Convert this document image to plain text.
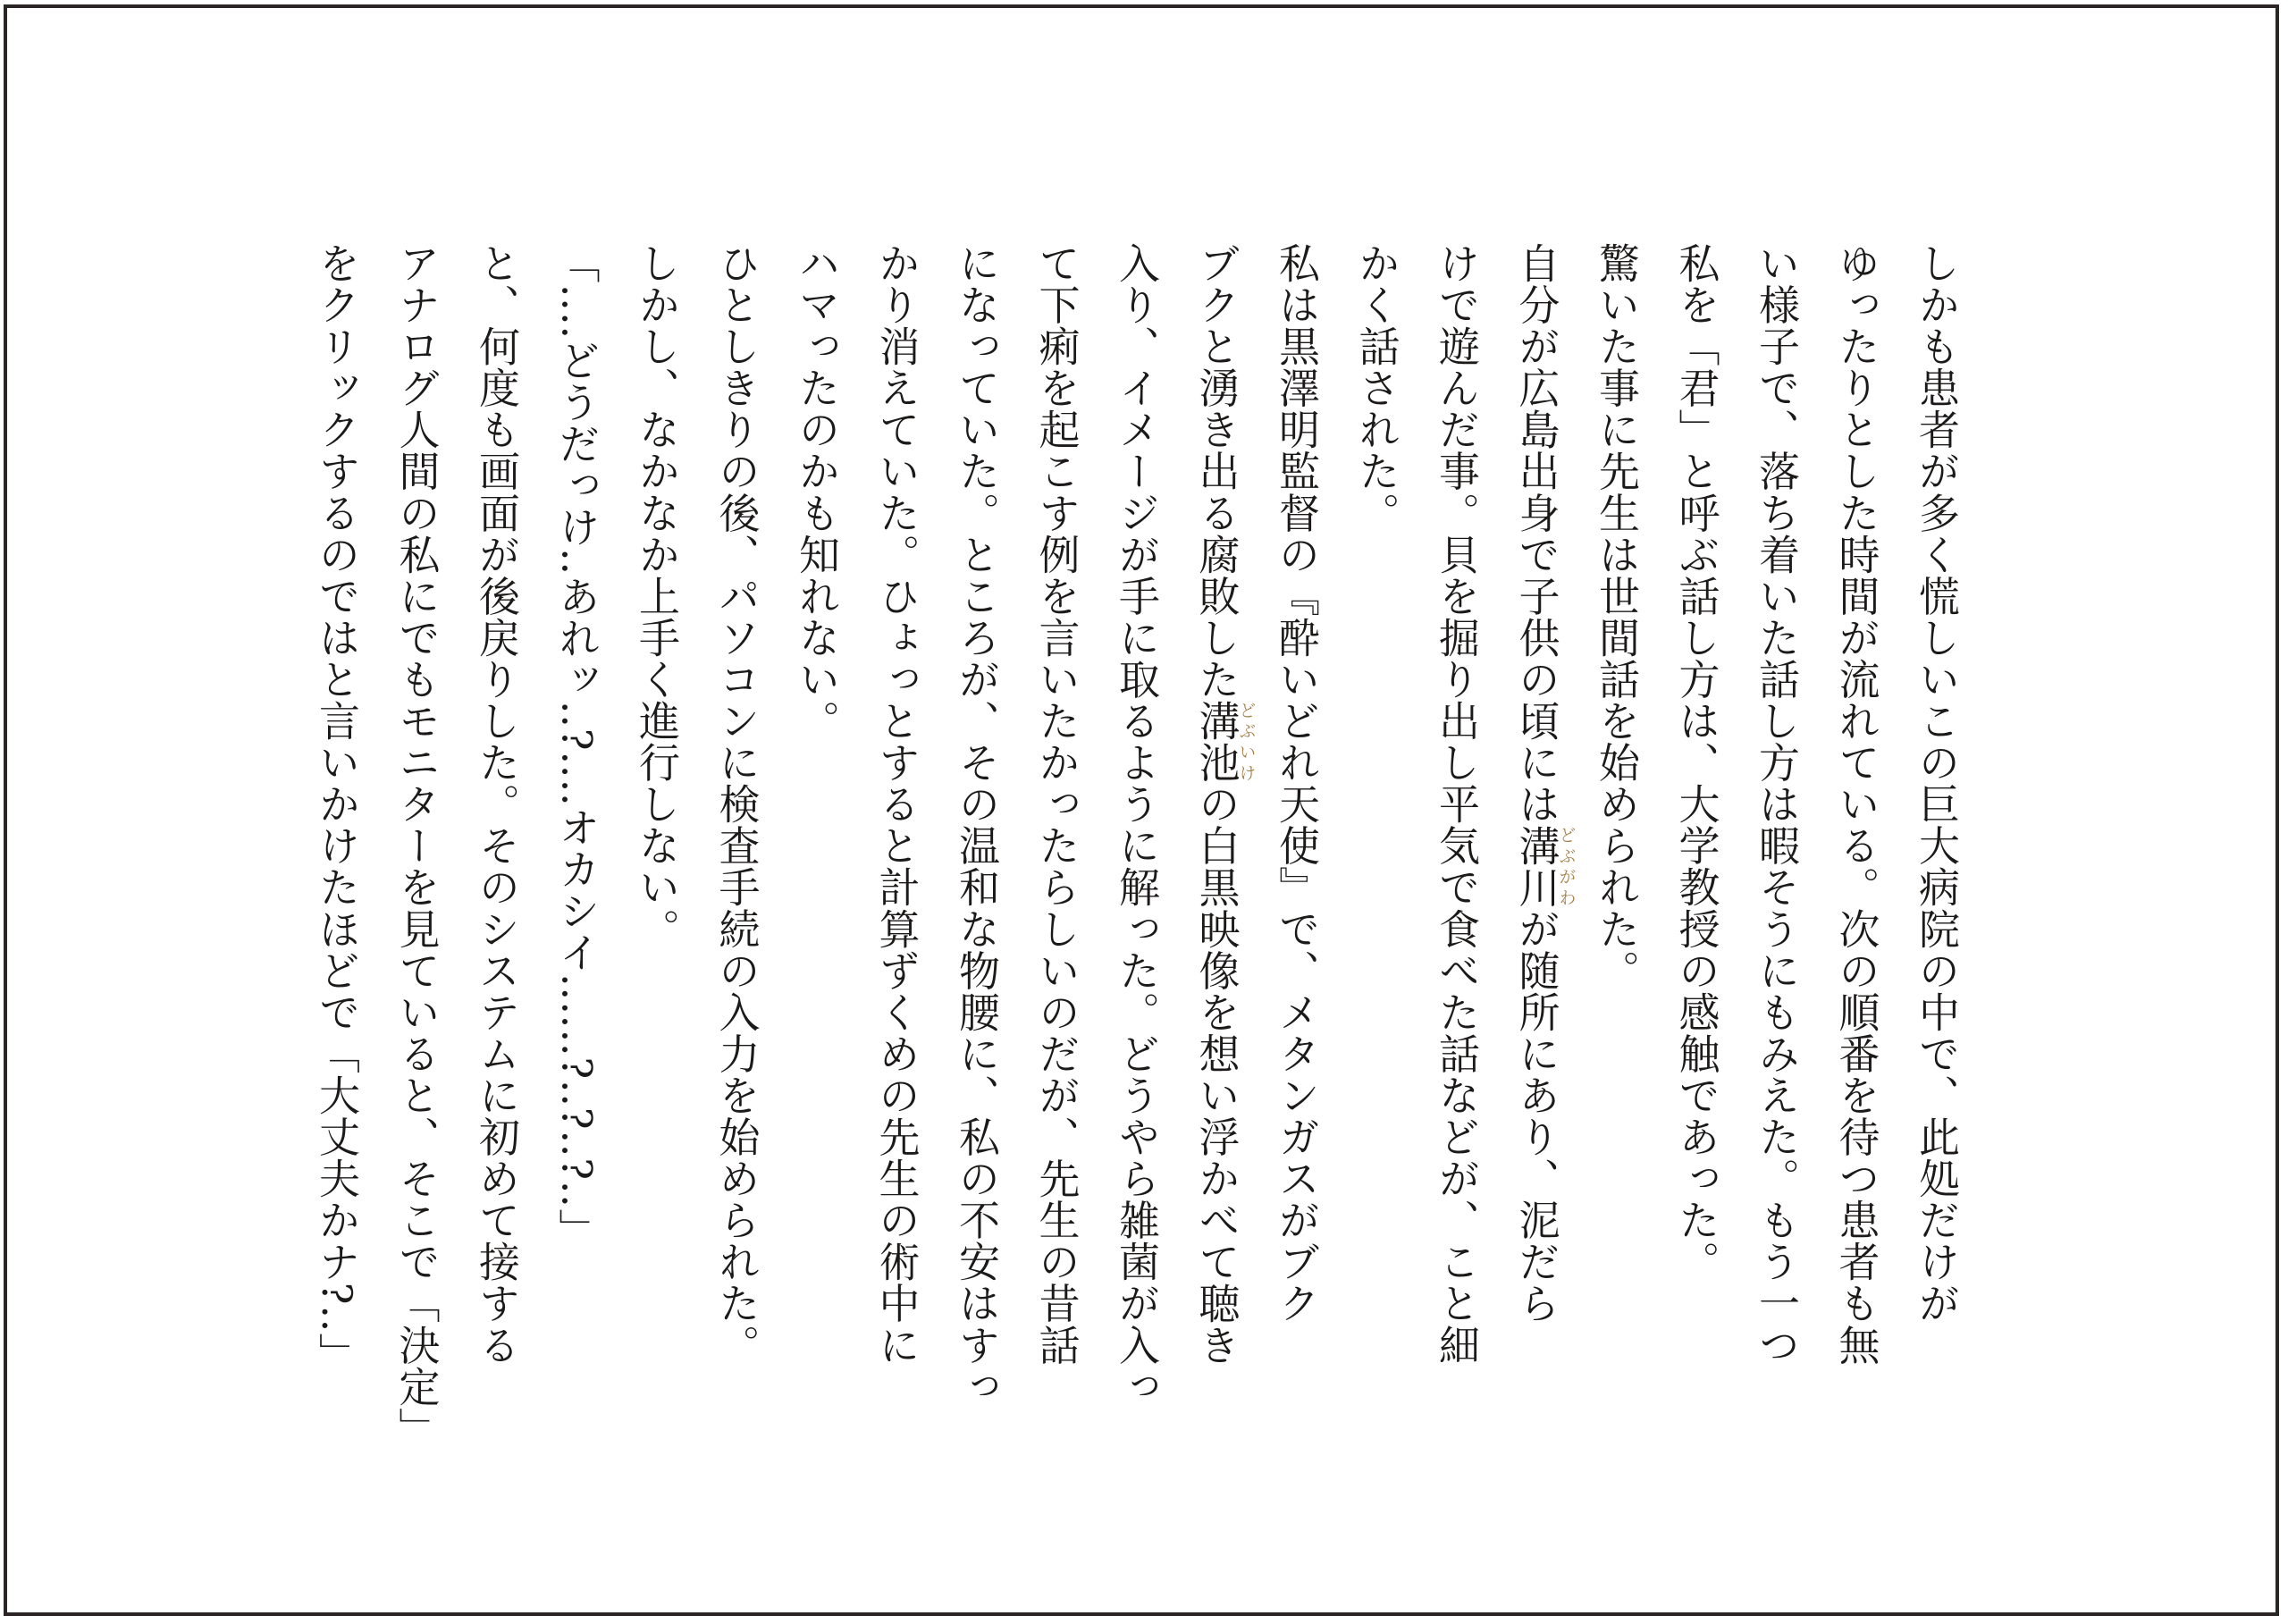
しかも患者が多く慌しいこの巨大病院の中で、此処だけが
ゆったりとした時間が流れている。次の順番を待つ患者も無
い様子で、落ち着いた話し方は暇そうにもみえた。もう一つ
私を「君」と呼ぶ話し方は、大学教授の感触であった。
驚いた事に先生は世間話を始められた。
自分が広島出身で子供の頃には溝川どぶがわが随所にあり、泥だら
けで遊んだ事。貝を掘り出し平気で食べた話などが、こと細
かく話された。
私は黒澤明監督の『酔いどれ天使』で、メタンガスがブク
ブクと湧き出る腐敗した溝池どぶいけの白黒映像を想い浮かべて聴き
入り、イメージが手に取るように解った。どうやら雑菌が入っ
て下痢を起こす例を言いたかったらしいのだが、先生の昔話
になっていた。ところが、その温和な物腰に、私の不安はすっ
かり消えていた。ひょっとすると計算ずくめの先生の術中に
ハマったのかも知れない。
ひとしきりの後、パソコンに検査手続の入力を始められた。
しかし、なかなか上手く進行しない。
「‥‥どうだっけ‥あれッ‥?‥‥オカシイ‥‥‥?‥?‥?‥」
と、何度も画面が後戻りした。そのシステムに初めて接する
アナログ人間の私にでもモニターを見ていると、そこで「決定」
をクリックするのではと言いかけたほどで「大丈夫かナ?‥」
